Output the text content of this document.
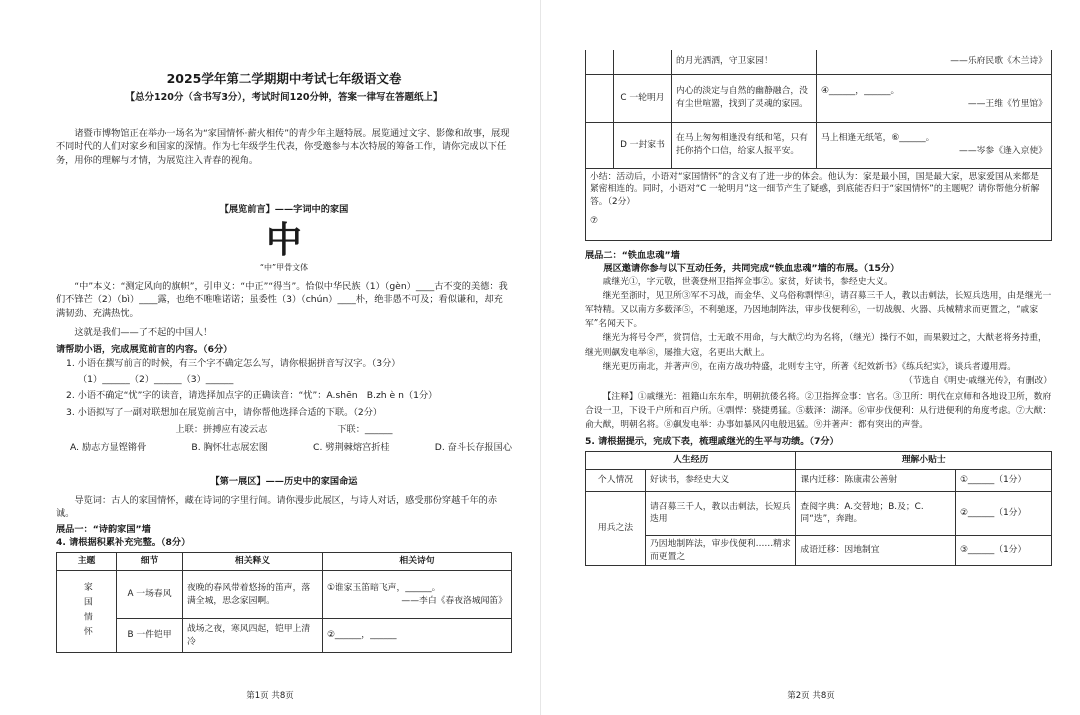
2025学年第二学期期中考试七年级语文卷
【总分120分（含书写3分），考试时间120分钟，答案一律写在答题纸上】

诸暨市博物馆正在举办一场名为“家国情怀·薪火相传”的青少年主题特展。展览通过文字、影像和故事，展现不同时代的人们对家乡和国家的深情。作为七年级学生代表，你受邀参与本次特展的筹备工作，请你完成以下任务，用你的理解与才情，为展览注入青春的视角。

【展览前言】——字词中的家国
中
“中”甲骨文体

“中”本义：“测定风向的旗帜”，引申义：“中正”“得当”。恰似中华民族（1）（gèn）____古不变的美德：我们不锋芒（2）（bì）____露，也绝不唯唯诺诺；虽委性（3）（chún）____朴，绝非愚不可及；看似谦和，却充满韧劲、充满热忱。

这就是我们——了不起的中国人！

请帮助小语，完成展览前言的内容。（6分）
1. 小语在撰写前言的时候，有三个字不确定怎么写，请你根据拼音写汉字。（3分）
（1）______（2）______（3）______
2. 小语不确定“忧”字的读音，请选择加点字的正确读音：“忧”：A.shēn　B.zh è n（1分）
3. 小语拟写了一副对联想加在展览前言中，请你帮他选择合适的下联。（2分）
上联：拼搏应有凌云志	下联：______
A. 励志方显铿锵骨	B. 胸怀壮志展宏图	C. 劈荆棘熔宫折桂	D. 奋斗长存报国心
【第一展区】——历史中的家国命运

导览词：古人的家国情怀，藏在诗词的字里行间。请你漫步此展区，与诗人对话，感受那份穿越千年的赤诚。

展品一：“诗韵家国”墙
4. 请根据积累补充完整。（8分）
主题	细节	相关释义	相关诗句
家国情怀	A 一场春风	夜晚的春风带着悠扬的笛声，落满全城，思念家园啊。	①谁家玉笛暗飞声，______。
——李白《春夜洛城闻笛》

	B 一件铠甲	战场之夜，寒风四起，铠甲上清冷	②______，______
第1页 共8页
		的月光洒洒，守卫家园！	——乐府民歌《木兰诗》
	C 一轮明月	内心的淡定与自然的幽静融合，没有尘世喧嚣，找到了灵魂的家园。	④______，______。
——王维《竹里馆》

	D 一封家书	在马上匆匆相逢没有纸和笔，只有托你捎个口信，给家人报平安。	马上相逢无纸笔，⑥______。
——岑参《逢入京使》

小结：活动后，小语对“家国情怀”的含义有了进一步的体会。他认为：家是最小国，国是最大家，思家爱国从来都是紧密相连的。同时，小语对“C 一轮明月”这一细节产生了疑惑，到底能否归于“家国情怀”的主题呢？请你帮他分析解答。（2分）
⑦			
展品二：“铁血忠魂”墙

展区邀请你参与以下互动任务，共同完成“铁血忠魂”墙的布展。（15分）

戚继光①，字元敬，世袭登州卫指挥佥事②。家贫，好读书，参经史大义。

继光至浙时，见卫所③军不习战，而金华、义乌俗称剽悍④，请召募三千人，教以击刺法，长短兵迭用，由是继光一军特精。又以南方多薮泽⑤，不利驰逐，乃因地制阵法，审步伐便利⑥，一切战舰、火器、兵械精求而更置之，“戚家军”名闻天下。

继光为将号令严，赏罚信，士无敢不用命，与大猷⑦均为名将，（继光）操行不如，而果毅过之，大猷老将务持重，继光则飙发电举⑧，屡推大寇，名更出大猷上。

继光更历南北，并著声⑨，在南方战功特盛，北则专主守，所著《纪效新书》《练兵纪实》，谈兵者遵用焉。

（节选自《明史·戚继光传》，有删改）

【注释】①戚继光：祖籍山东东牟，明朝抗倭名将。②卫指挥佥事：官名。③卫所：明代在京师和各地设卫所，数府合设一卫，下设千户所和百户所。④剽悍：骁捷勇猛。⑤薮泽：湖泽。⑥审步伐便利：从行进便利的角度考虑。⑦大猷：俞大猷，明朝名将。⑧飙发电举：办事如暴风闪电般迅猛。⑨并著声：都有突出的声誉。

5. 请根据提示，完成下表，梳理戚继光的生平与功绩。（7分）
人生经历		理解小贴士	
个人情况	好读书，参经史大义	课内迁移：陈康肃公善射	①______（1分）
用兵之法	请召募三千人，教以击刺法，长短兵迭用	查阅字典：A.交替地；B.及；C.同“迭”，奔跑。	②______（1分）
	乃因地制阵法，审步伐便利……精求而更置之	成语迁移：因地制宜	③______（1分）
第2页 共8页
